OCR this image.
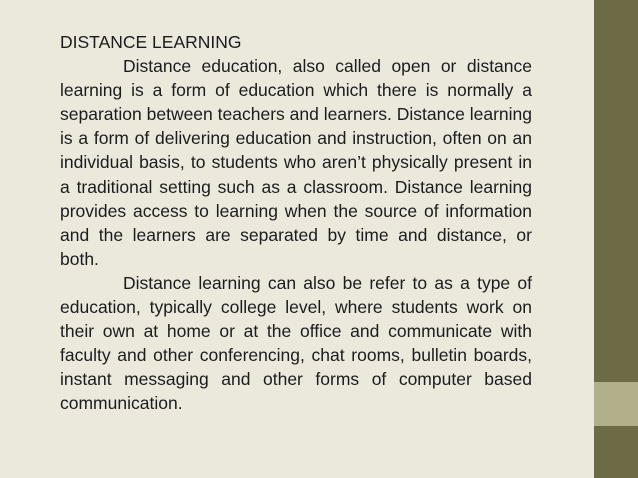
DISTANCE LEARNING

Distance education, also called open or distance learning is a form of education which there is normally a separation between teachers and learners. Distance learning is a form of delivering education and instruction, often on an individual basis, to students who aren’t physically present in a traditional setting such as a classroom. Distance learning provides access to learning when the source of information and the learners are separated by time and distance, or both.

Distance learning can also be refer to as a type of education, typically college level, where students work on their own at home or at the office and communicate with faculty and other conferencing, chat rooms, bulletin boards, instant messaging and other forms of computer based communication.
